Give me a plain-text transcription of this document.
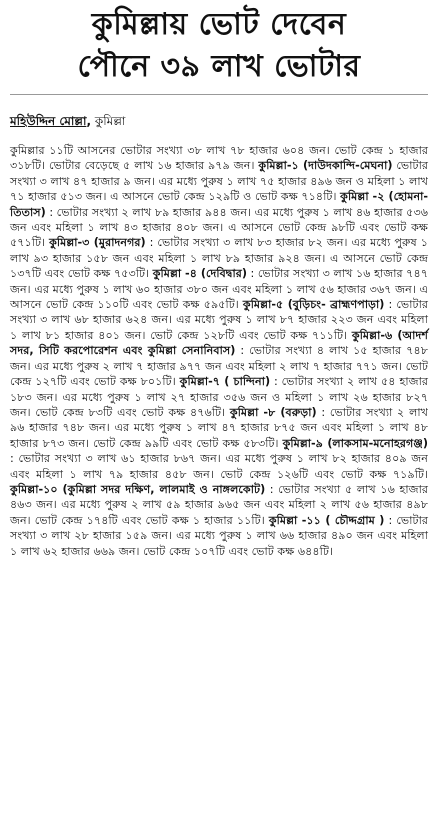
কুমিল্লায় ভোট দেবেন
পৌনে ৩৯ লাখ ভোটার
মহিউদ্দিন মোল্লা, কুমিল্লা

কুমিল্লার ১১টি আসনের ভোটার সংখ্যা ৩৮ লাখ ৭৮ হাজার ৬০৪ জন। ভোট কেন্দ্র ১ হাজার ৩১৮টি। ভোটার বেড়েছে ৫ লাখ ১৬ হাজার ৯৭৯ জন। কুমিল্লা-১ (দাউদকান্দি-মেঘনা) ভোটার সংখ্যা ৩ লাখ ৪৭ হাজার ৯ জন। এর মধ্যে পুরুষ ১ লাখ ৭৫ হাজার ৪৯৬ জন ও মহিলা ১ লাখ ৭১ হাজার ৫১৩ জন। এ আসনে ভোট কেন্দ্র ১২৯টি ও ভোট কক্ষ ৭১৪টি। কুমিল্লা -২ (হোমনা-তিতাস) : ভোটার সংখ্যা ২ লাখ ৮৯ হাজার ৯৪৪ জন। এর মধ্যে পুরুষ ১ লাখ ৪৬ হাজার ৫৩৬ জন এবং মহিলা ১ লাখ ৪৩ হাজার ৪০৮ জন। এ আসনে ভোট কেন্দ্র ৯৮টি এবং ভোট কক্ষ ৫৭১টি। কুমিল্লা-৩ (মুরাদনগর) : ভোটার সংখ্যা ৩ লাখ ৮৩ হাজার ৮২ জন। এর মধ্যে পুরুষ ১ লাখ ৯৩ হাজার ১৫৮ জন এবং মহিলা ১ লাখ ৮৯ হাজার ৯২৪ জন। এ আসনে ভোট কেন্দ্র ১৩৭টি এবং ভোট কক্ষ ৭৫৩টি। কুমিল্লা -৪ (দেবিদ্বার) : ভোটার সংখ্যা ৩ লাখ ১৬ হাজার ৭৪৭ জন। এর মধ্যে পুরুষ ১ লাখ ৬০ হাজার ৩৮০ জন এবং মহিলা ১ লাখ ৫৬ হাজার ৩৬৭ জন। এ আসনে ভোট কেন্দ্র ১১০টি এবং ভোট কক্ষ ৫৯৫টি। কুমিল্লা-৫ (বুড়িচং- ব্রাহ্মণপাড়া) : ভোটার সংখ্যা ৩ লাখ ৬৮ হাজার ৬২৪ জন। এর মধ্যে পুরুষ ১ লাখ ৮৭ হাজার ২২৩ জন এবং মহিলা ১ লাখ ৮১ হাজার ৪০১ জন। ভোট কেন্দ্র ১২৮টি এবং ভোট কক্ষ ৭১১টি। কুমিল্লা-৬ (আদর্শ সদর, সিটি করপোরেশন এবং কুমিল্লা সেনানিবাস) : ভোটার সংখ্যা ৪ লাখ ১৫ হাজার ৭৪৮ জন। এর মধ্যে পুরুষ ২ লাখ ৭ হাজার ৯৭৭ জন এবং মহিলা ২ লাখ ৭ হাজার ৭৭১ জন। ভোট কেন্দ্র ১২৭টি এবং ভোট কক্ষ ৮০১টি। কুমিল্লা-৭ ( চান্দিনা) : ভোটার সংখ্যা ২ লাখ ৫৪ হাজার ১৮৩ জন। এর মধ্যে পুরুষ ১ লাখ ২৭ হাজার ৩৫৬ জন ও মহিলা ১ লাখ ২৬ হাজার ৮২৭ জন। ভোট কেন্দ্র ৮৩টি এবং ভোট কক্ষ ৪৭৬টি। কুমিল্লা -৮ (বরুড়া) : ভোটার সংখ্যা ২ লাখ ৯৬ হাজার ৭৪৮ জন। এর মধ্যে পুরুষ ১ লাখ ৪৭ হাজার ৮৭৫ জন এবং মহিলা ১ লাখ ৪৮ হাজার ৮৭৩ জন। ভোট কেন্দ্র ৯৯টি এবং ভোট কক্ষ ৫৮৩টি। কুমিল্লা-৯ (লাকসাম-মনোহরগঞ্জ) : ভোটার সংখ্যা ৩ লাখ ৬১ হাজার ৮৬৭ জন। এর মধ্যে পুরুষ ১ লাখ ৮২ হাজার ৪০৯ জন এবং মহিলা ১ লাখ ৭৯ হাজার ৪৫৮ জন। ভোট কেন্দ্র ১২৬টি এবং ভোট কক্ষ ৭১৯টি। কুমিল্লা-১০ (কুমিল্লা সদর দক্ষিণ, লালমাই ও নাঙ্গলকোট) : ভোটার সংখ্যা ৫ লাখ ১৬ হাজার ৪৬৩ জন। এর মধ্যে পুরুষ ২ লাখ ৫৯ হাজার ৯৬৫ জন এবং মহিলা ২ লাখ ৫৬ হাজার ৪৯৮ জন। ভোট কেন্দ্র ১৭৪টি এবং ভোট কক্ষ ১ হাজার ১১টি। কুমিল্লা -১১ ( চৌদ্দগ্রাম ) : ভোটার সংখ্যা ৩ লাখ ২৮ হাজার ১৫৯ জন। এর মধ্যে পুরুষ ১ লাখ ৬৬ হাজার ৪৯০ জন এবং মহিলা ১ লাখ ৬২ হাজার ৬৬৯ জন। ভোট কেন্দ্র ১০৭টি এবং ভোট কক্ষ ৬৪৪টি।
